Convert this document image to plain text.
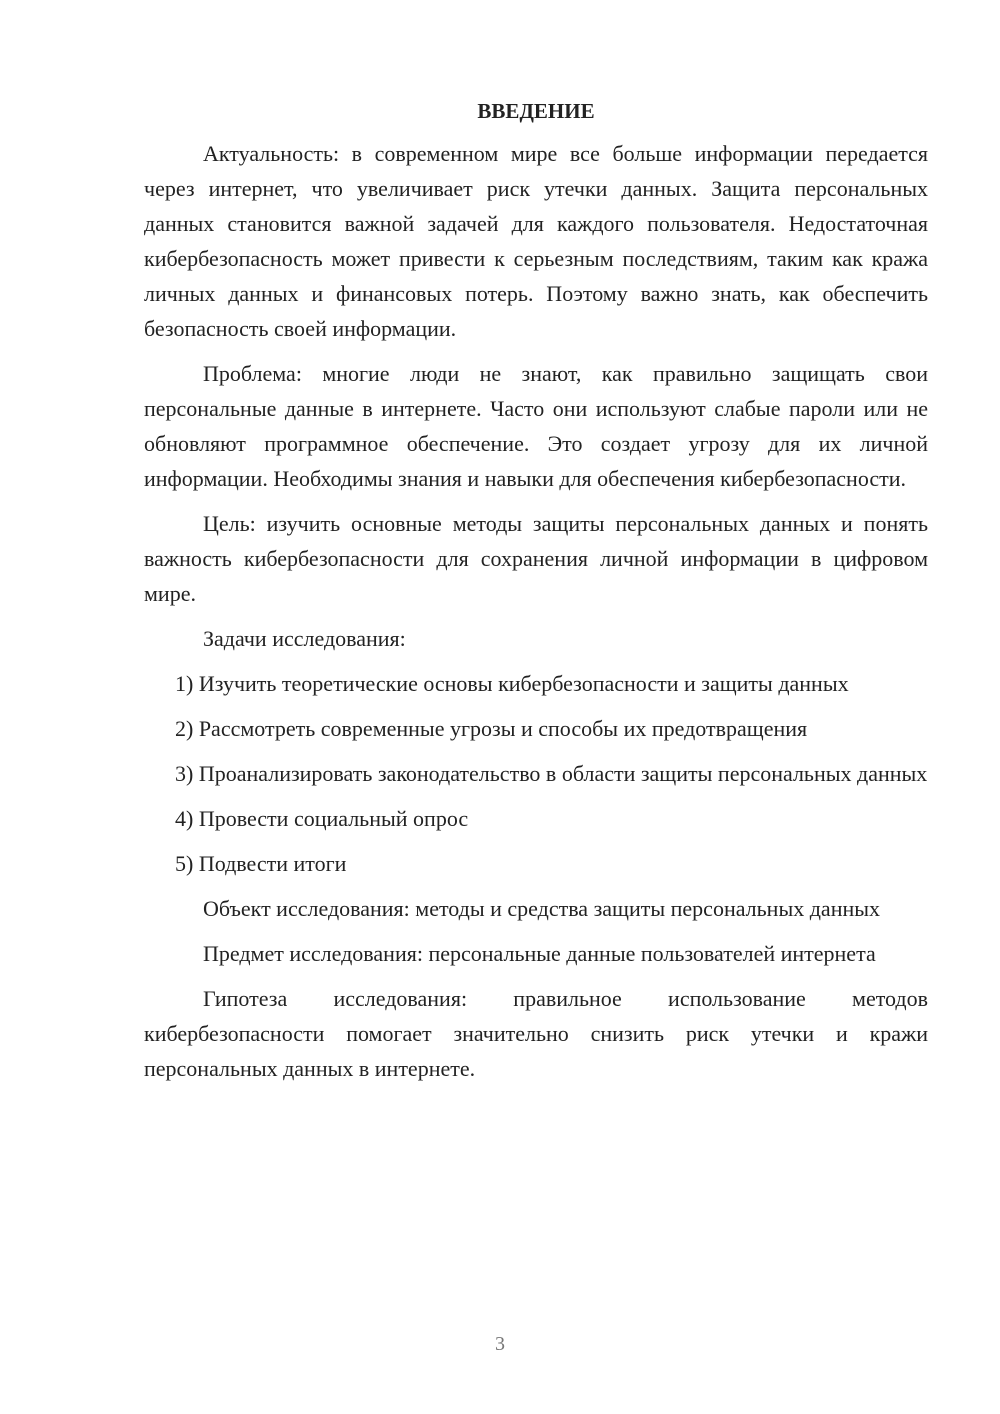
ВВЕДЕНИЕ

Актуальность: в современном мире все больше информации передается через интернет, что увеличивает риск утечки данных. Защита персональных данных становится важной задачей для каждого пользователя. Недостаточная кибербезопасность может привести к серьезным последствиям, таким как кража личных данных и финансовых потерь. Поэтому важно знать, как обеспечить безопасность своей информации.

Проблема: многие люди не знают, как правильно защищать свои персональные данные в интернете. Часто они используют слабые пароли или не обновляют программное обеспечение. Это создает угрозу для их личной информации. Необходимы знания и навыки для обеспечения кибербезопасности.

Цель: изучить основные методы защиты персональных данных и понять важность кибербезопасности для сохранения личной информации в цифровом мире.

Задачи исследования:

1) Изучить теоретические основы кибербезопасности и защиты данных

2) Рассмотреть современные угрозы и способы их предотвращения

3) Проанализировать законодательство в области защиты персональных данных

4) Провести социальный опрос

5) Подвести итоги

Объект исследования: методы и средства защиты персональных данных

Предмет исследования: персональные данные пользователей интернета

Гипотеза исследования: правильное использование методов кибербезопасности помогает значительно снизить риск утечки и кражи персональных данных в интернете.

3
